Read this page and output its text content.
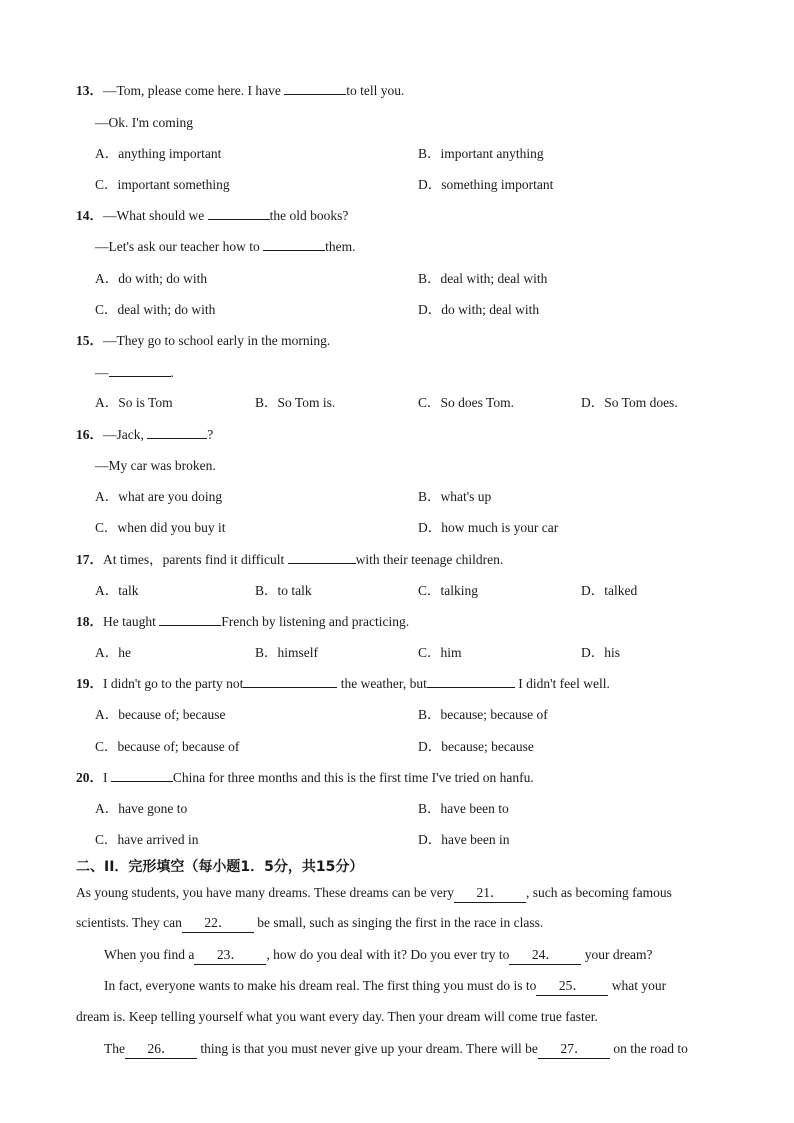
13．—Tom, please come here. I have	to tell you.
—Ok. I'm coming
A．anything important	B．important anything
C．important something	D．something important
14．—What should we	the old books?
—Let's ask our teacher how to	them.
A．do with; do with	B．deal with; deal with
C．deal with; do with	D．do with; deal with
15．—They go to school early in the morning.
—	.
A．So is Tom	B．So Tom is.	C．So does Tom.	D．So Tom does.
16．—Jack,	?
—My car was broken.
A．what are you doing	B．what's up
C．when did you buy it	D．how much is your car
17．At times，parents find it difficult	with their teenage children.
A．talk	B．to talk	C．talking	D．talked
18．He taught	French by listening and practicing.
A．he	B．himself	C．him	D．his
19．I didn't go to the party not	the weather, but	I didn't feel well.
A．because of; because	B．because; because of
C．because of; because of	D．because; because
20．I	China for three months and this is the first time I've tried on hanfu.
A．have gone to	B．have been to
C．have arrived in	D．have been in
二、II．完形填空（每小题1．5分，共15分）
As young students, you have many dreams. These dreams can be very 21． , such as becoming famous
scientists. They can 22． be small, such as singing the first in the race in class.
When you find a 23． , how do you deal with it? Do you ever try to 24． your dream?
In fact, everyone wants to make his dream real. The first thing you must do is to 25． what your
dream is. Keep telling yourself what you want every day. Then your dream will come true faster.
The 26． thing is that you must never give up your dream. There will be 27． on the road to
